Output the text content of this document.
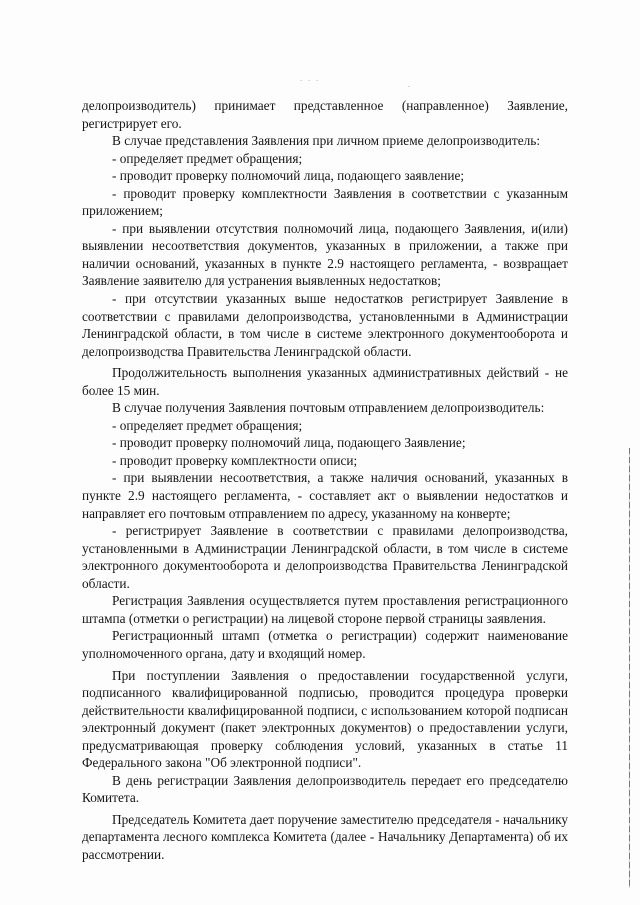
. . .
.

делопроизводитель) принимает представленное (направленное) Заявление, регистрирует его.

В случае представления Заявления при личном приеме делопроизводитель:

- определяет предмет обращения;

- проводит проверку полномочий лица, подающего заявление;

- проводит проверку комплектности Заявления в соответствии с указанным приложением;

- при выявлении отсутствия полномочий лица, подающего Заявления, и(или) выявлении несоответствия документов, указанных в приложении, а также при наличии оснований, указанных в пункте 2.9 настоящего регламента, - возвращает Заявление заявителю для устранения выявленных недостатков;

- при отсутствии указанных выше недостатков регистрирует Заявление в соответствии с правилами делопроизводства, установленными в Администрации Ленинградской области, в том числе в системе электронного документооборота и делопроизводства Правительства Ленинградской области.

Продолжительность выполнения указанных административных действий - не более 15 мин.

В случае получения Заявления почтовым отправлением делопроизводитель:

- определяет предмет обращения;

- проводит проверку полномочий лица, подающего Заявление;

- проводит проверку комплектности описи;

- при выявлении несоответствия, а также наличия оснований, указанных в пункте 2.9 настоящего регламента, - составляет акт о выявлении недостатков и направляет его почтовым отправлением по адресу, указанному на конверте;

- регистрирует Заявление в соответствии с правилами делопроизводства, установленными в Администрации Ленинградской области, в том числе в системе электронного документооборота и делопроизводства Правительства Ленинградской области.

Регистрация Заявления осуществляется путем проставления регистрационного штампа (отметки о регистрации) на лицевой стороне первой страницы заявления.

Регистрационный штамп (отметка о регистрации) содержит наименование уполномоченного органа, дату и входящий номер.

При поступлении Заявления о предоставлении государственной услуги, подписанного квалифицированной подписью, проводится процедура проверки действительности квалифицированной подписи, с использованием которой подписан электронный документ (пакет электронных документов) о предоставлении услуги, предусматривающая проверку соблюдения условий, указанных в статье 11 Федерального закона "Об электронной подписи".

В день регистрации Заявления делопроизводитель передает его председателю Комитета.

Председатель Комитета дает поручение заместителю председателя - начальнику департамента лесного комплекса Комитета (далее - Начальнику Департамента) об их рассмотрении.
